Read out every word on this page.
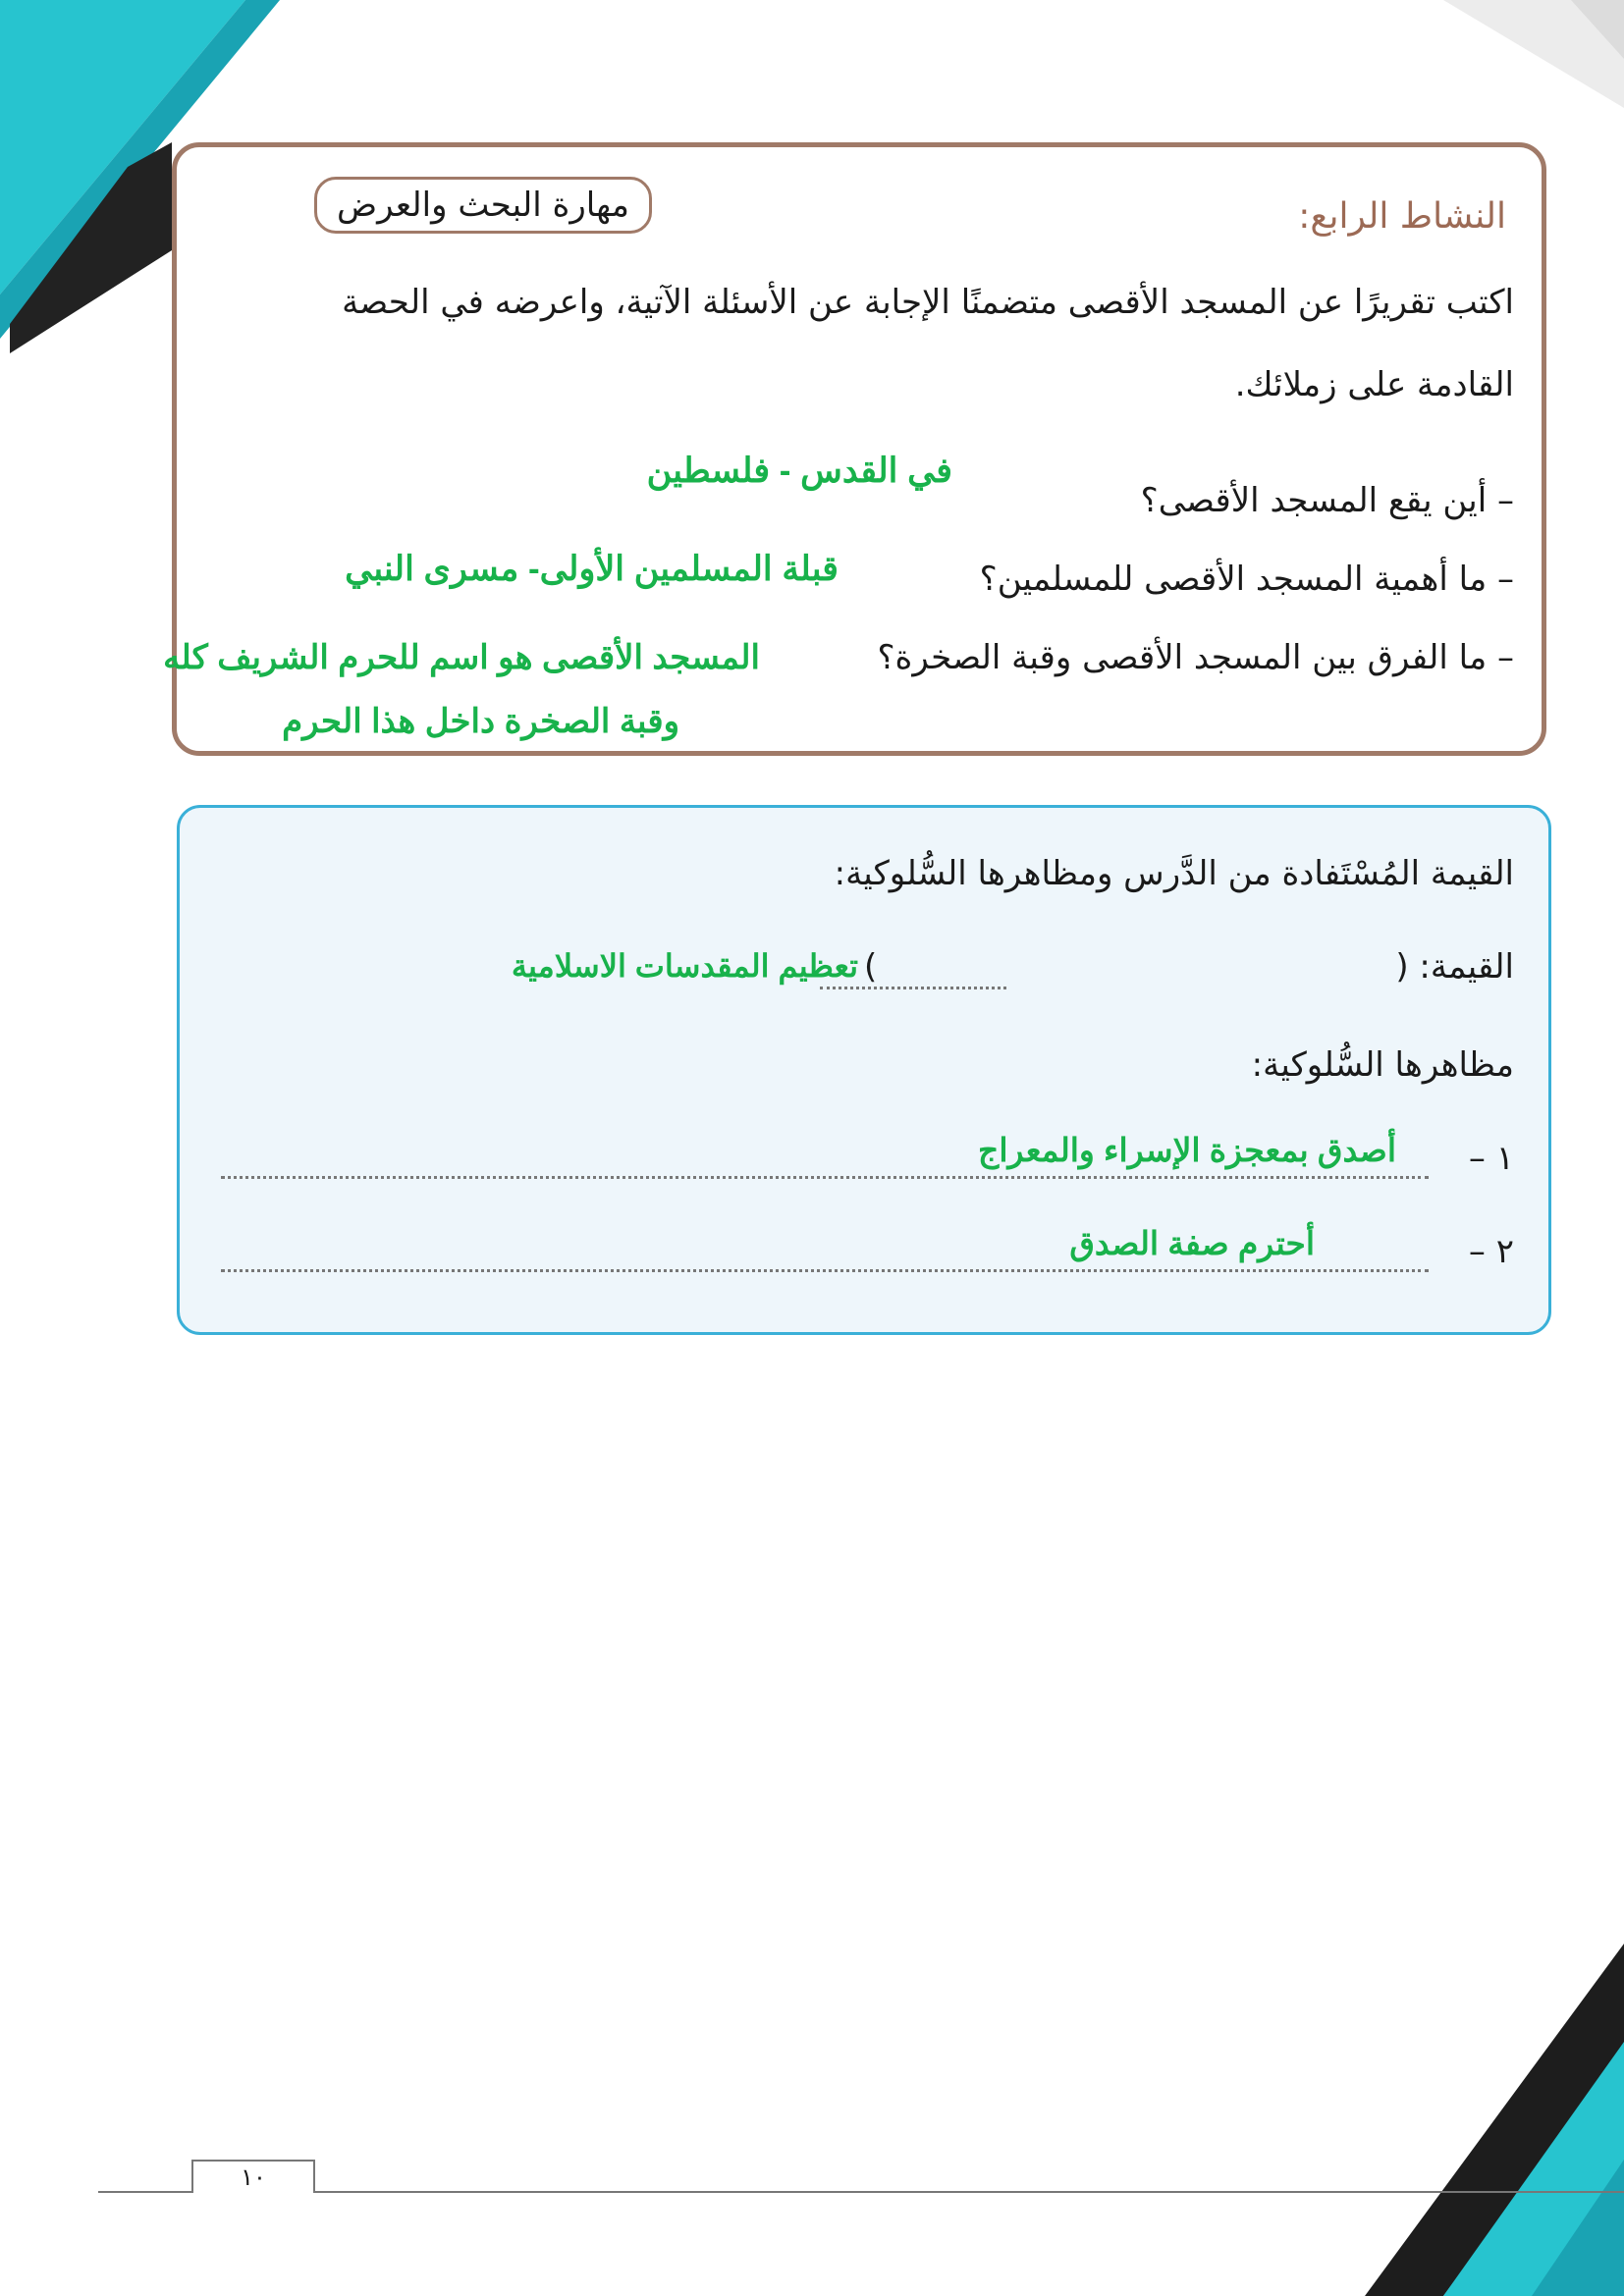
مهارة البحث والعرض	النشاط الرابع:
اكتب تقريرًا عن المسجد الأقصى متضمنًا الإجابة عن الأسئلة الآتية، واعرضه في الحصة
القادمة على زملائك.
– أين يقع المسجد الأقصى؟
في القدس - فلسطين
– ما أهمية المسجد الأقصى للمسلمين؟
قبلة المسلمين الأولى- مسرى النبي
– ما الفرق بين المسجد الأقصى وقبة الصخرة؟
المسجد الأقصى هو اسم للحرم الشريف كله
وقبة الصخرة داخل هذا الحرم
القيمة المُسْتَفادة من الدَّرس ومظاهرها السُّلوكية:
القيمة: (
تعظيم المقدسات الاسلامية )
مظاهرها السُّلوكية:
١ –
أصدق بمعجزة الإسراء والمعراج
٢ –
أحترم صفة الصدق
١٠
